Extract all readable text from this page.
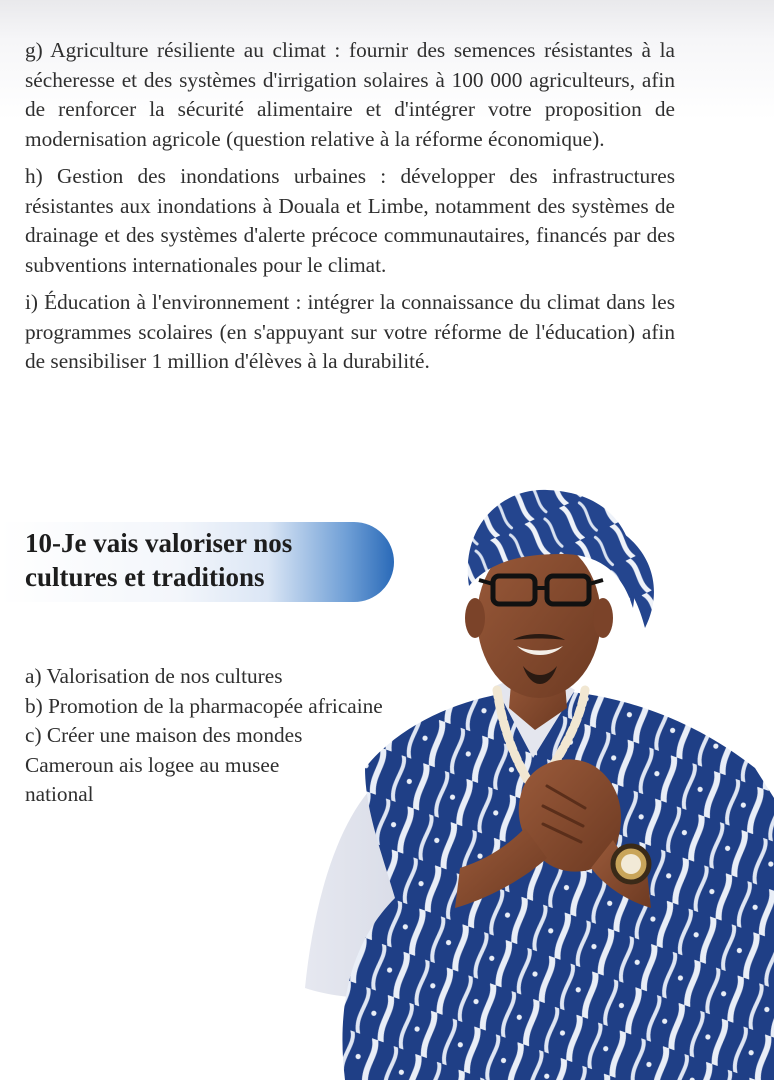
g) Agriculture résiliente au climat : fournir des semences résistantes à la sécheresse et des systèmes d'irrigation solaires à 100 000 agriculteurs, afin de renforcer la sécurité alimentaire et d'intégrer votre proposition de modernisation agricole (question relative à la réforme économique).

h) Gestion des inondations urbaines : développer des infrastructures résistantes aux inondations à Douala et Limbe, notamment des systèmes de drainage et des systèmes d'alerte précoce communautaires, financés par des subventions internationales pour le climat.

i) Éducation à l'environnement : intégrer la connaissance du climat dans les programmes scolaires (en s'appuyant sur votre réforme de l'éducation) afin de sensibiliser 1 million d'élèves à la durabilité.

10-Je vais valoriser nos cultures et traditions
a) Valorisation de nos cultures
b) Promotion de la pharmacopée africaine
c) Créer une maison des mondes
Cameroun ais logee au musee
national
